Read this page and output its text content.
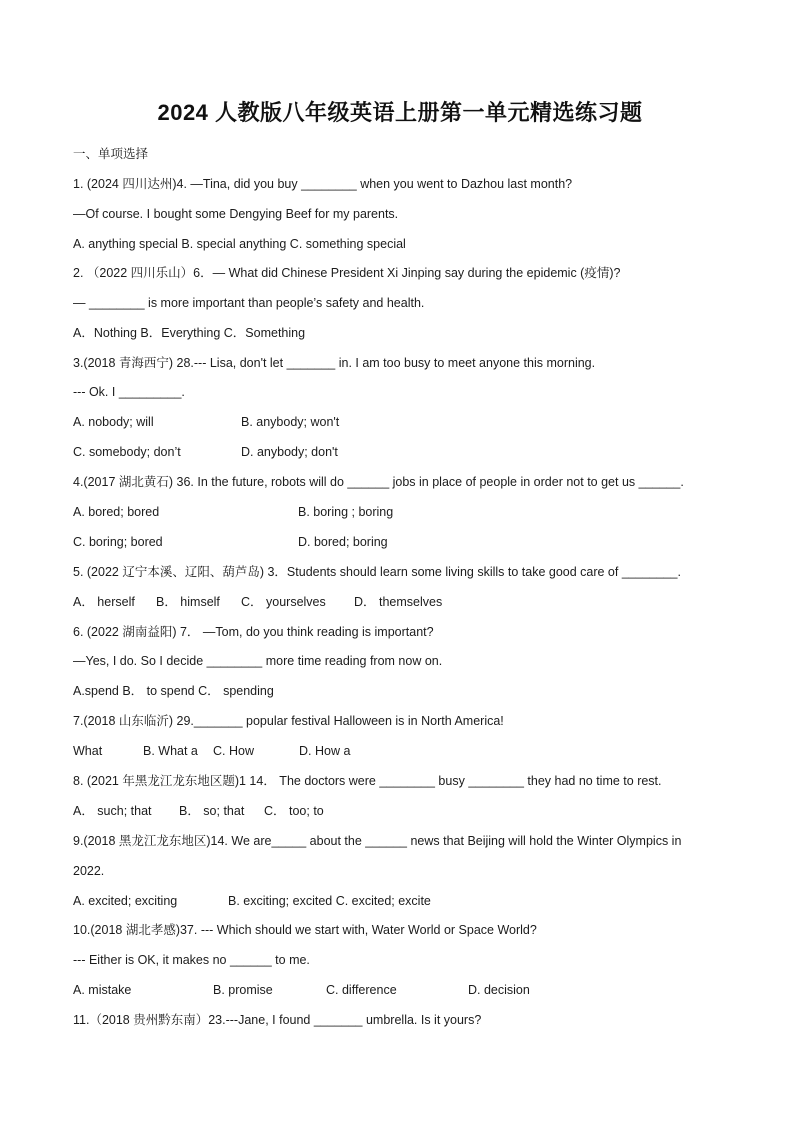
2024 人教版八年级英语上册第一单元精选练习题
一、单项选择
1. (2024 四川达州)4. —Tina, did you buy ________ when you went to Dazhou last month?
—Of course. I bought some Dengying Beef for my parents.
A. anything special B. special anything C. something special
2. （2022 四川乐山）6．— What did Chinese President Xi Jinping say during the epidemic (疫情)?
— ________ is more important than people’s safety and health.
A．Nothing B．Everything C．Something
3.(2018 青海西宁) 28.--- Lisa, don't let _______ in. I am too busy to meet anyone this morning.
--- Ok. I _________.
A. nobody; will	B. anybody; won't
C. somebody; don’t	D. anybody; don't
4.(2017 湖北黄石) 36. In the future, robots will do ______ jobs in place of people in order not to get us ______.
A. bored; bored	B. boring ; boring
C. boring; bored	D. bored; boring
5. (2022 辽宁本溪、辽阳、葫芦岛) 3．Students should learn some living skills to take good care of ________.
A． herself B． himself C． yourselves D． themselves
6. (2022 湖南益阳) 7． —Tom, do you think reading is important?
—Yes, I do. So I decide ________ more time reading from now on.
A.spend B． to spend C． spending
7.(2018 山东临沂) 29._______ popular festival Halloween is in North America!
What	B. What a C. How	D. How a
8. (2021 年黑龙江龙东地区题)1 14． The doctors were ________ busy ________ they had no time to rest.
A． such; that B． so; that C． too; to
9.(2018 黑龙江龙东地区)14. We are_____ about the ______ news that Beijing will hold the Winter Olympics in
2022.
A. excited; exciting	B. exciting; excited C. excited; excite
10.(2018 湖北孝感)37. --- Which should we start with, Water World or Space World?
--- Either is OK, it makes no ______ to me.
A. mistake	B. promise	C. difference	D. decision
11.（2018 贵州黔东南）23.---Jane, I found _______ umbrella. Is it yours?
